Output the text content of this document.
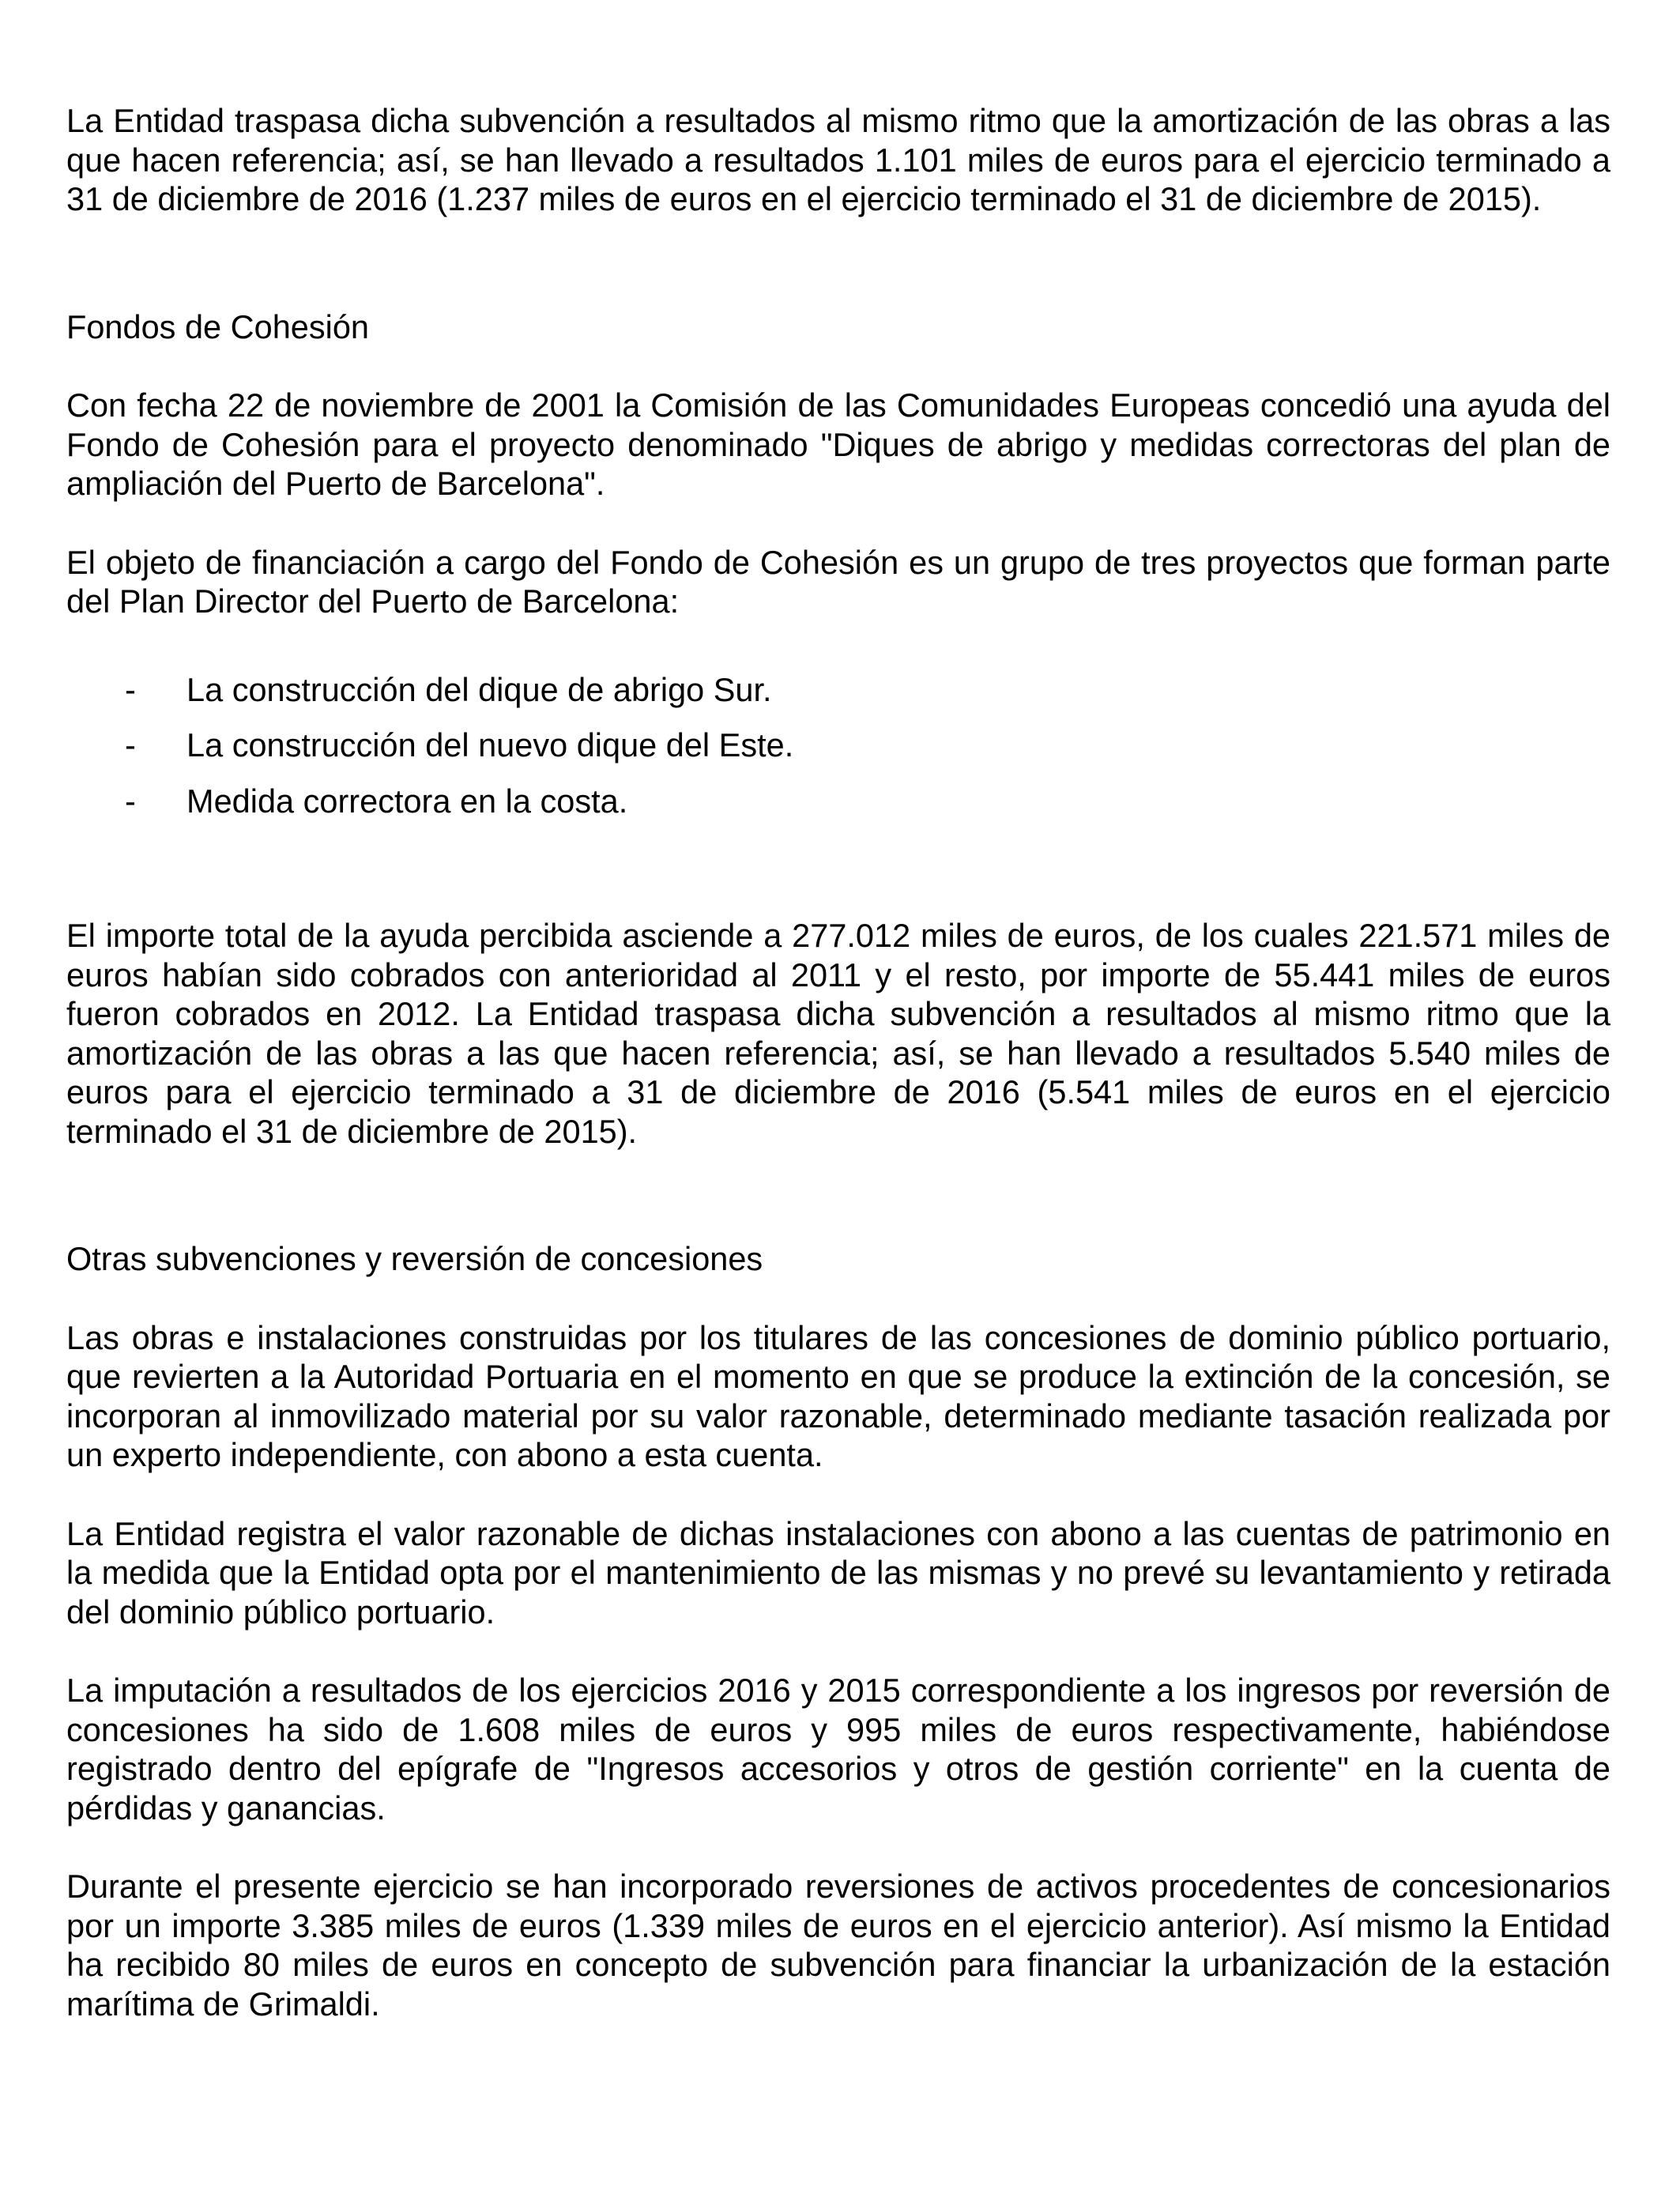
La Entidad traspasa dicha subvención a resultados al mismo ritmo que la amortización de las obras a las que hacen referencia; así, se han llevado a resultados 1.101 miles de euros para el ejercicio terminado a 31 de diciembre de 2016 (1.237 miles de euros en el ejercicio terminado el 31 de diciembre de 2015).

Fondos de Cohesión

Con fecha 22 de noviembre de 2001 la Comisión de las Comunidades Europeas concedió una ayuda del Fondo de Cohesión para el proyecto denominado "Diques de abrigo y medidas correctoras del plan de ampliación del Puerto de Barcelona".

El objeto de financiación a cargo del Fondo de Cohesión es un grupo de tres proyectos que forman parte del Plan Director del Puerto de Barcelona:

- La construcción del dique de abrigo Sur.
- La construcción del nuevo dique del Este.
- Medida correctora en la costa.

El importe total de la ayuda percibida asciende a 277.012 miles de euros, de los cuales 221.571 miles de euros habían sido cobrados con anterioridad al 2011 y el resto, por importe de 55.441 miles de euros fueron cobrados en 2012. La Entidad traspasa dicha subvención a resultados al mismo ritmo que la amortización de las obras a las que hacen referencia; así, se han llevado a resultados 5.540 miles de euros para el ejercicio terminado a 31 de diciembre de 2016 (5.541 miles de euros en el ejercicio terminado el 31 de diciembre de 2015).

Otras subvenciones y reversión de concesiones

Las obras e instalaciones construidas por los titulares de las concesiones de dominio público portuario, que revierten a la Autoridad Portuaria en el momento en que se produce la extinción de la concesión, se incorporan al inmovilizado material por su valor razonable, determinado mediante tasación realizada por un experto independiente, con abono a esta cuenta.

La Entidad registra el valor razonable de dichas instalaciones con abono a las cuentas de patrimonio en la medida que la Entidad opta por el mantenimiento de las mismas y no prevé su levantamiento y retirada del dominio público portuario.

La imputación a resultados de los ejercicios 2016 y 2015 correspondiente a los ingresos por reversión de concesiones ha sido de 1.608 miles de euros y 995 miles de euros respectivamente, habiéndose registrado dentro del epígrafe de "Ingresos accesorios y otros de gestión corriente" en la cuenta de pérdidas y ganancias.

Durante el presente ejercicio se han incorporado reversiones de activos procedentes de concesionarios por un importe 3.385 miles de euros (1.339 miles de euros en el ejercicio anterior). Así mismo la Entidad ha recibido 80 miles de euros en concepto de subvención para financiar la urbanización de la estación marítima de Grimaldi.
